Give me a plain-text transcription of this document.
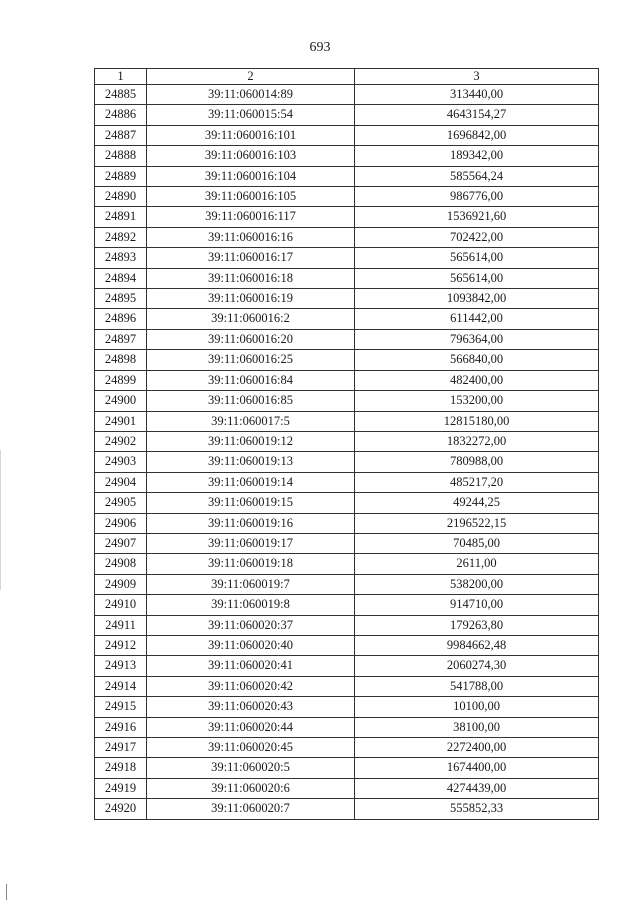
693
1	2	3
24885	39:11:060014:89	313440,00
24886	39:11:060015:54	4643154,27
24887	39:11:060016:101	1696842,00
24888	39:11:060016:103	189342,00
24889	39:11:060016:104	585564,24
24890	39:11:060016:105	986776,00
24891	39:11:060016:117	1536921,60
24892	39:11:060016:16	702422,00
24893	39:11:060016:17	565614,00
24894	39:11:060016:18	565614,00
24895	39:11:060016:19	1093842,00
24896	39:11:060016:2	611442,00
24897	39:11:060016:20	796364,00
24898	39:11:060016:25	566840,00
24899	39:11:060016:84	482400,00
24900	39:11:060016:85	153200,00
24901	39:11:060017:5	12815180,00
24902	39:11:060019:12	1832272,00
24903	39:11:060019:13	780988,00
24904	39:11:060019:14	485217,20
24905	39:11:060019:15	49244,25
24906	39:11:060019:16	2196522,15
24907	39:11:060019:17	70485,00
24908	39:11:060019:18	2611,00
24909	39:11:060019:7	538200,00
24910	39:11:060019:8	914710,00
24911	39:11:060020:37	179263,80
24912	39:11:060020:40	9984662,48
24913	39:11:060020:41	2060274,30
24914	39:11:060020:42	541788,00
24915	39:11:060020:43	10100,00
24916	39:11:060020:44	38100,00
24917	39:11:060020:45	2272400,00
24918	39:11:060020:5	1674400,00
24919	39:11:060020:6	4274439,00
24920	39:11:060020:7	555852,33
